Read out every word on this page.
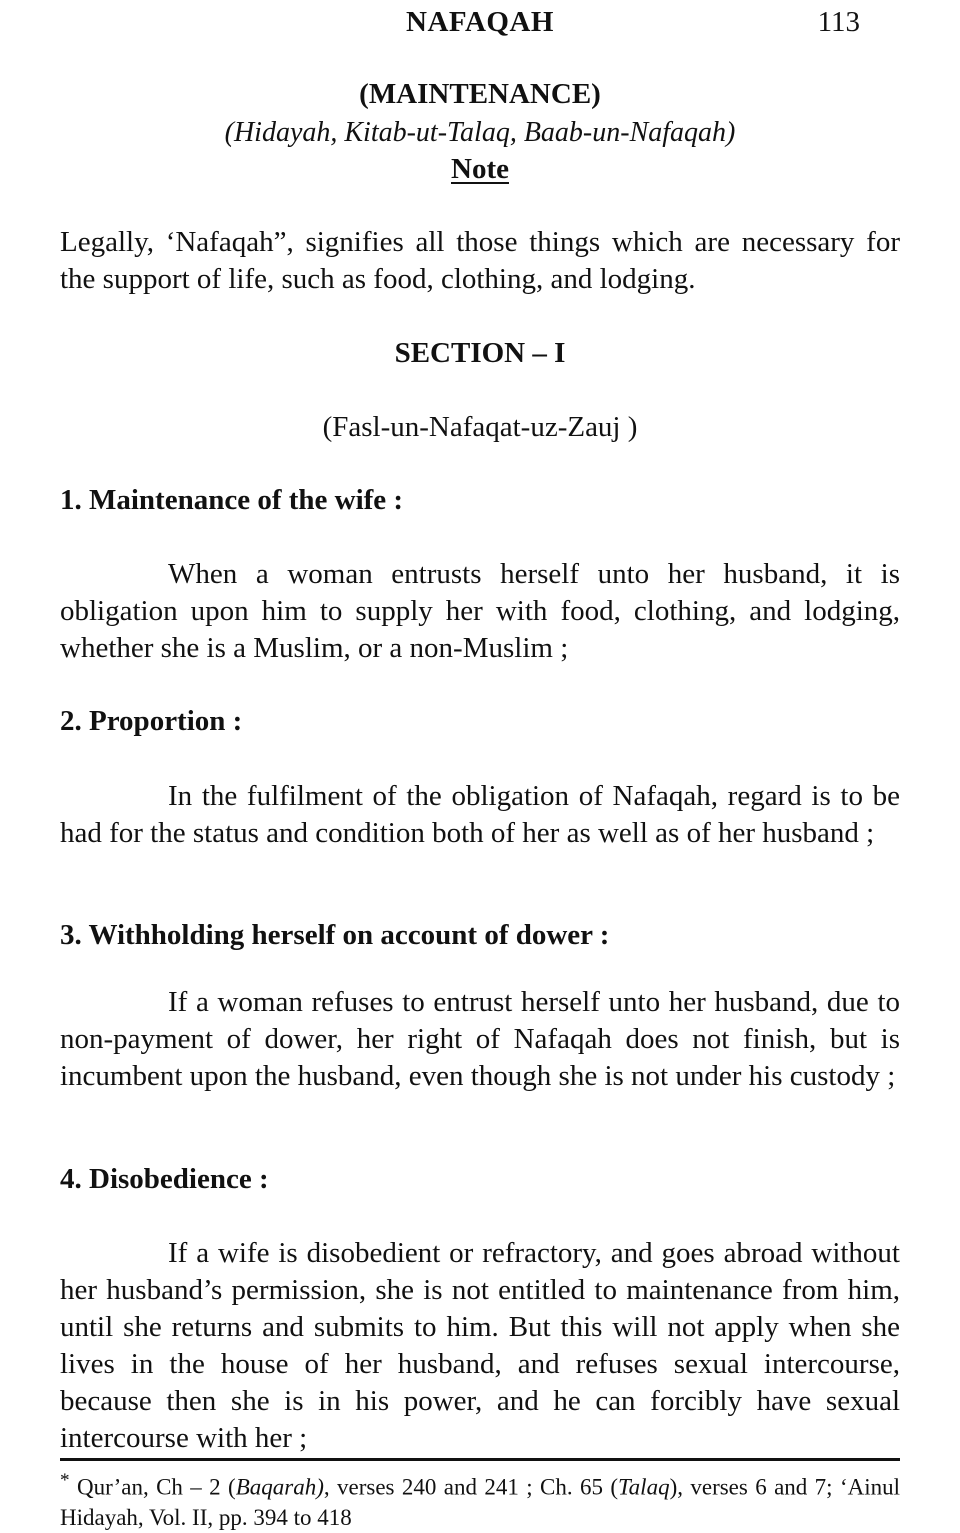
NAFAQAH	113
(MAINTENANCE)
(Hidayah, Kitab-ut-Talaq, Baab-un-Nafaqah)
Note

Legally, ‘Nafaqah”, signifies all those things which are necessary for the support of life, such as food, clothing, and lodging.

SECTION – I
(Fasl-un-Nafaqat-uz-Zauj )
1. Maintenance of the wife :

When a woman entrusts herself unto her husband, it is obligation upon him to supply her with food, clothing, and lodging, whether she is a Muslim, or a non-Muslim ;

2. Proportion :

In the fulfilment of the obligation of Nafaqah, regard is to be had for the status and condition both of her as well as of her husband ;

3. Withholding herself on account of dower :

If a woman refuses to entrust herself unto her husband, due to non-payment of dower, her right of Nafaqah does not finish, but is incumbent upon the husband, even though she is not under his custody ;

4. Disobedience :

If a wife is disobedient or refractory, and goes abroad without her husband’s permission, she is not entitled to maintenance from him, until she returns and submits to him. But this will not apply when she lives in the house of her husband, and refuses sexual intercourse, because then she is in his power, and he can forcibly have sexual intercourse with her ;

* Qur’an, Ch – 2 (Baqarah), verses 240 and 241 ; Ch. 65 (Talaq), verses 6 and 7; ‘Ainul Hidayah, Vol. II, pp. 394 to 418
